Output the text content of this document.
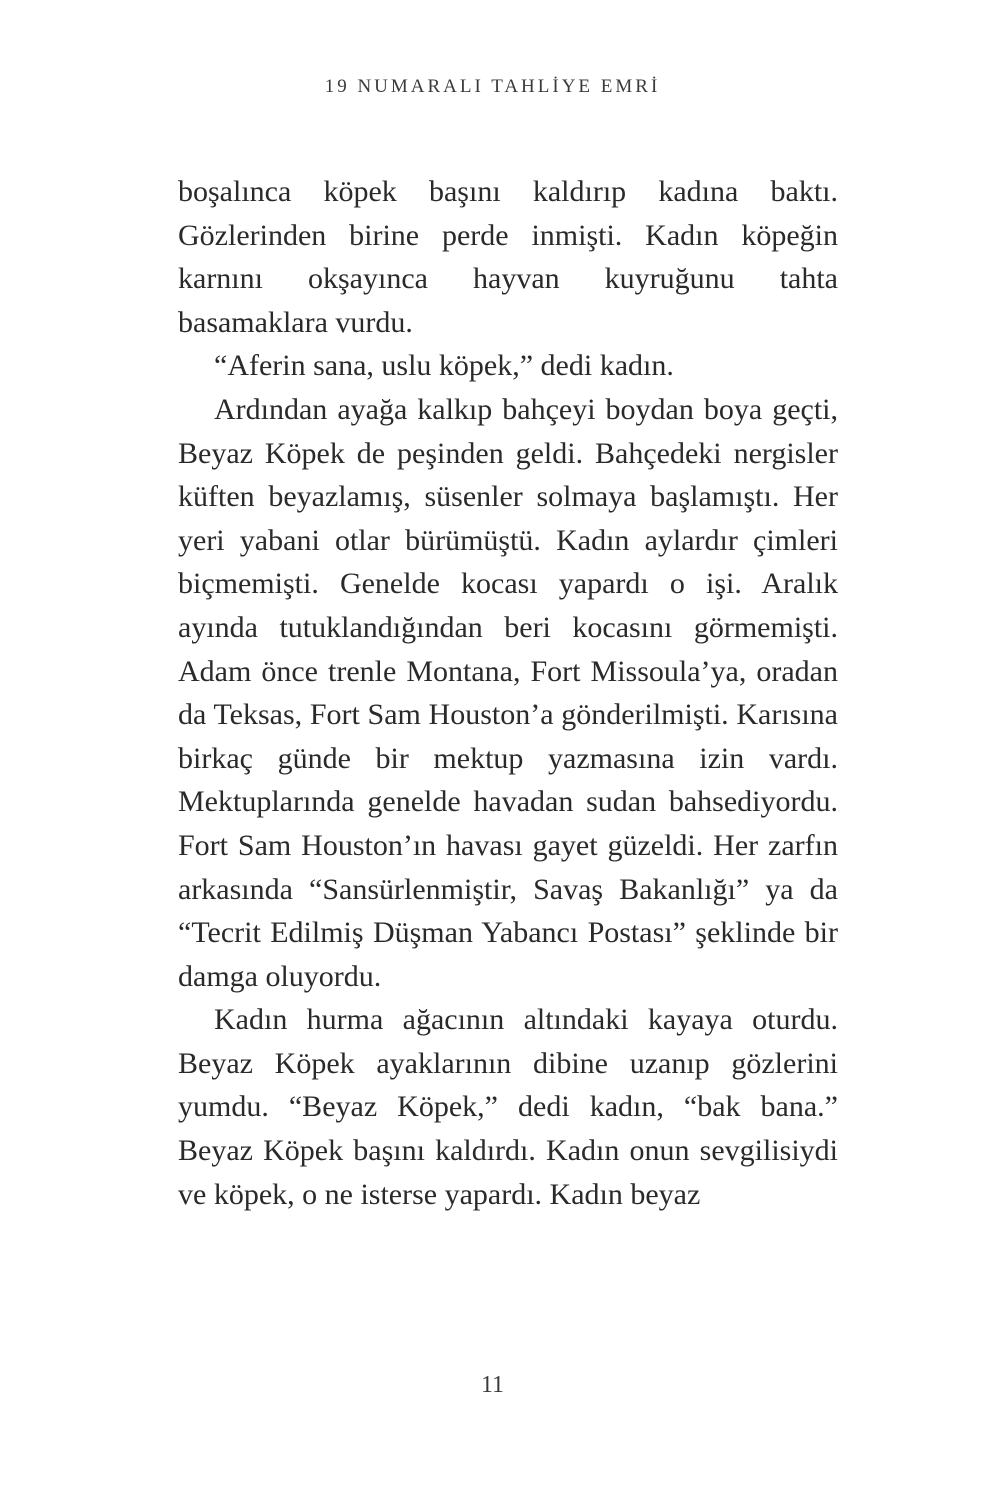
19 NUMARALI TAHLİYE EMRİ

boşalınca köpek başını kaldırıp kadına baktı. Gözlerinden birine perde inmişti. Kadın köpeğin karnını okşayınca hayvan kuyruğunu tahta basamaklara vurdu.

“Aferin sana, uslu köpek,” dedi kadın.

Ardından ayağa kalkıp bahçeyi boydan boya geçti, Beyaz Köpek de peşinden geldi. Bahçedeki nergisler küften beyazlamış, süsenler solmaya başlamıştı. Her yeri yabani otlar bürümüştü. Kadın aylardır çimleri biçmemişti. Genelde kocası yapardı o işi. Aralık ayında tutuklandığından beri kocasını görmemişti. Adam önce trenle Montana, Fort Missoula’ya, oradan da Teksas, Fort Sam Houston’a gönderilmişti. Karısına birkaç günde bir mektup yazmasına izin vardı. Mektuplarında genelde havadan sudan bahsediyordu. Fort Sam Houston’ın havası gayet güzeldi. Her zarfın arkasında “Sansürlenmiştir, Savaş Bakanlığı” ya da “Tecrit Edilmiş Düşman Yabancı Postası” şeklinde bir damga oluyordu.

Kadın hurma ağacının altındaki kayaya oturdu. Beyaz Köpek ayaklarının dibine uzanıp gözlerini yumdu. “Beyaz Köpek,” dedi kadın, “bak bana.” Beyaz Köpek başını kaldırdı. Kadın onun sevgilisiydi ve köpek, o ne isterse yapardı. Kadın beyaz

11
